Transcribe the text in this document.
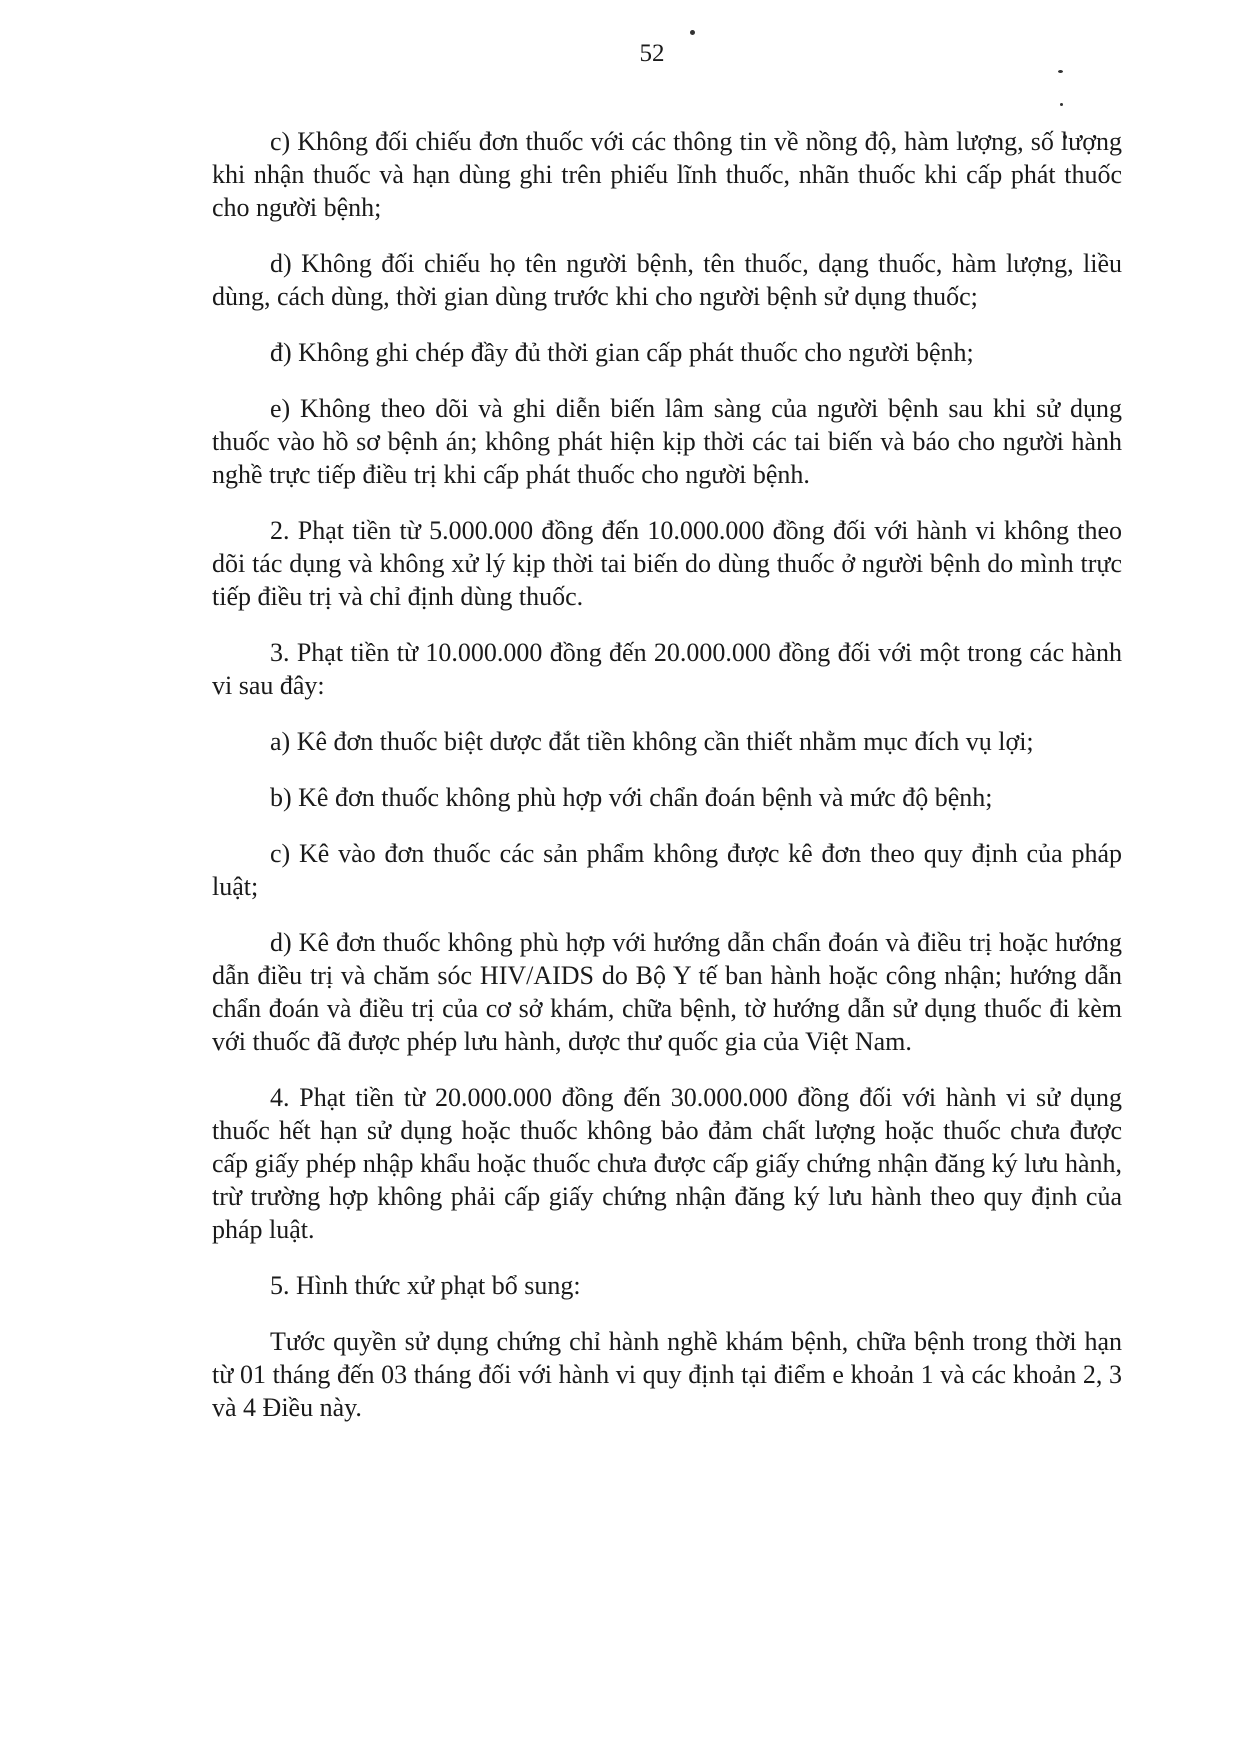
52

c) Không đối chiếu đơn thuốc với các thông tin về nồng độ, hàm lượng, số lượng khi nhận thuốc và hạn dùng ghi trên phiếu lĩnh thuốc, nhãn thuốc khi cấp phát thuốc cho người bệnh;

d) Không đối chiếu họ tên người bệnh, tên thuốc, dạng thuốc, hàm lượng, liều dùng, cách dùng, thời gian dùng trước khi cho người bệnh sử dụng thuốc;

đ) Không ghi chép đầy đủ thời gian cấp phát thuốc cho người bệnh;

e) Không theo dõi và ghi diễn biến lâm sàng của người bệnh sau khi sử dụng thuốc vào hồ sơ bệnh án; không phát hiện kịp thời các tai biến và báo cho người hành nghề trực tiếp điều trị khi cấp phát thuốc cho người bệnh.

2. Phạt tiền từ 5.000.000 đồng đến 10.000.000 đồng đối với hành vi không theo dõi tác dụng và không xử lý kịp thời tai biến do dùng thuốc ở người bệnh do mình trực tiếp điều trị và chỉ định dùng thuốc.

3. Phạt tiền từ 10.000.000 đồng đến 20.000.000 đồng đối với một trong các hành vi sau đây:

a) Kê đơn thuốc biệt dược đắt tiền không cần thiết nhằm mục đích vụ lợi;

b) Kê đơn thuốc không phù hợp với chẩn đoán bệnh và mức độ bệnh;

c) Kê vào đơn thuốc các sản phẩm không được kê đơn theo quy định của pháp luật;

d) Kê đơn thuốc không phù hợp với hướng dẫn chẩn đoán và điều trị hoặc hướng dẫn điều trị và chăm sóc HIV/AIDS do Bộ Y tế ban hành hoặc công nhận; hướng dẫn chẩn đoán và điều trị của cơ sở khám, chữa bệnh, tờ hướng dẫn sử dụng thuốc đi kèm với thuốc đã được phép lưu hành, dược thư quốc gia của Việt Nam.

4. Phạt tiền từ 20.000.000 đồng đến 30.000.000 đồng đối với hành vi sử dụng thuốc hết hạn sử dụng hoặc thuốc không bảo đảm chất lượng hoặc thuốc chưa được cấp giấy phép nhập khẩu hoặc thuốc chưa được cấp giấy chứng nhận đăng ký lưu hành, trừ trường hợp không phải cấp giấy chứng nhận đăng ký lưu hành theo quy định của pháp luật.

5. Hình thức xử phạt bổ sung:

Tước quyền sử dụng chứng chỉ hành nghề khám bệnh, chữa bệnh trong thời hạn từ 01 tháng đến 03 tháng đối với hành vi quy định tại điểm e khoản 1 và các khoản 2, 3 và 4 Điều này.
